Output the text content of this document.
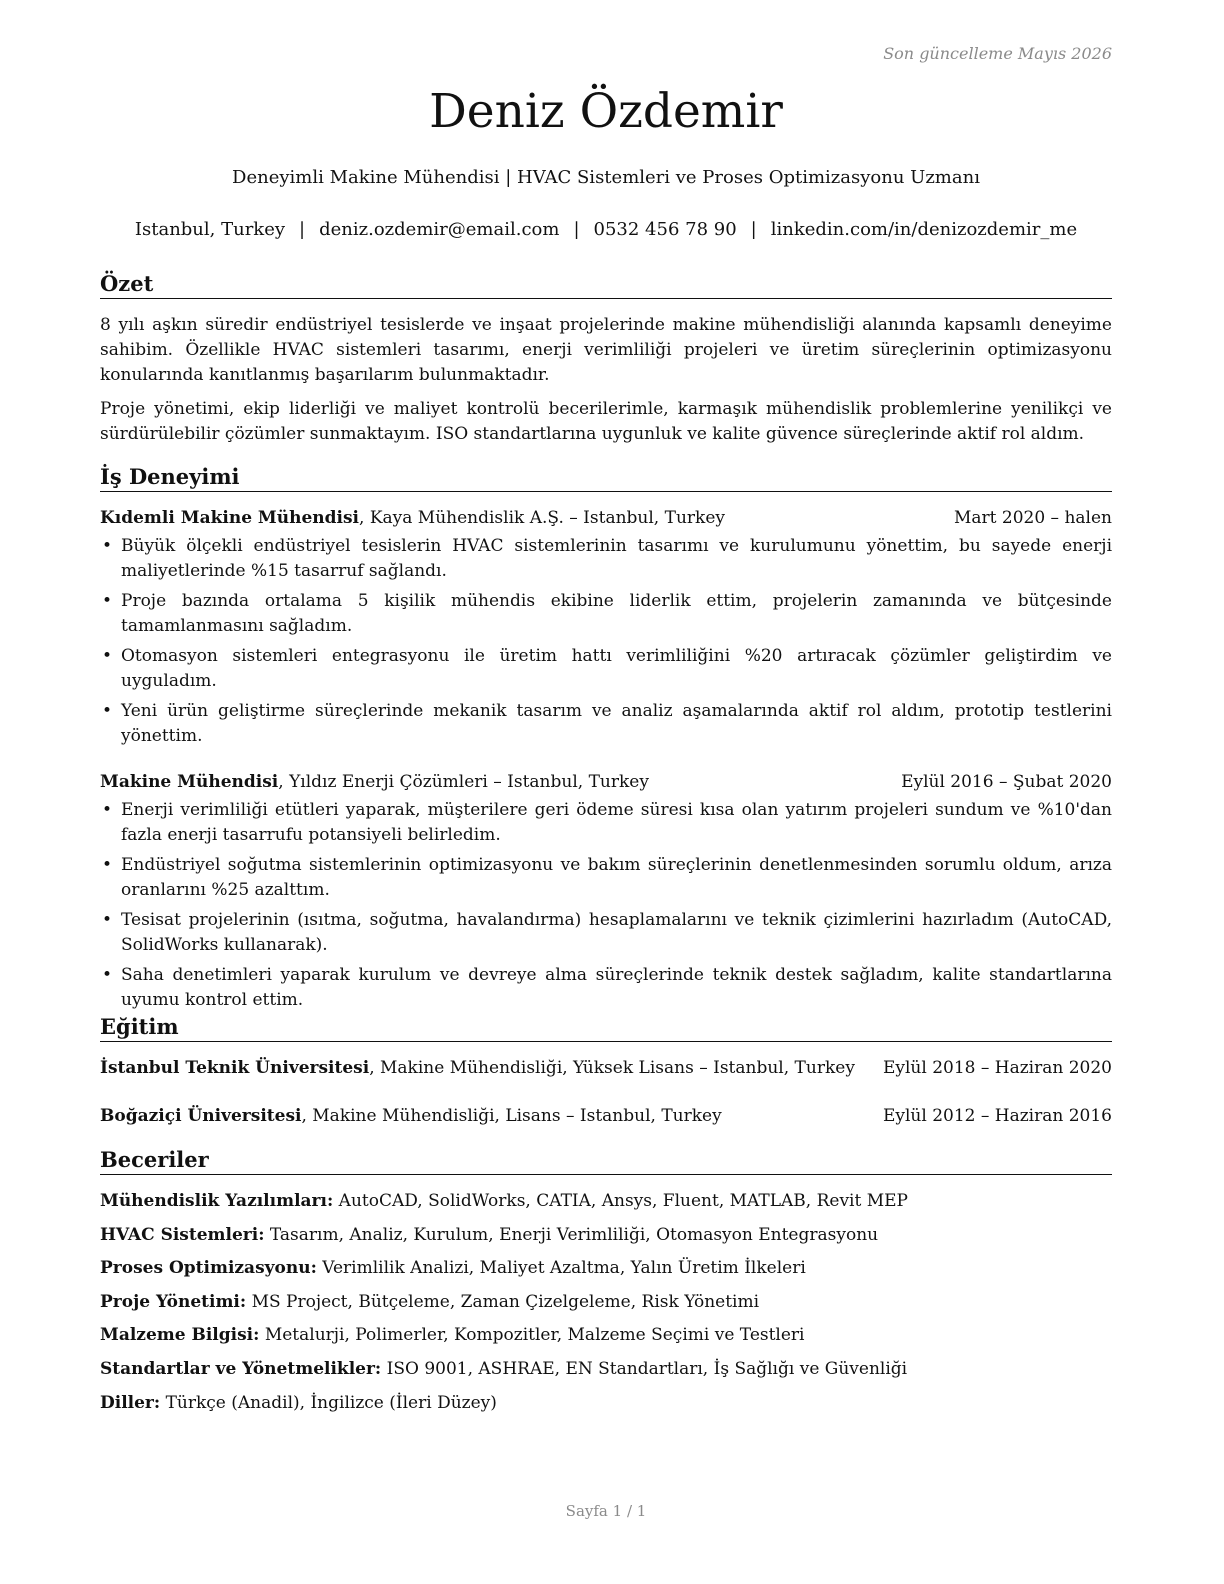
Son güncelleme Mayıs 2026
Deniz Özdemir
Deneyimli Makine Mühendisi | HVAC Sistemleri ve Proses Optimizasyonu Uzmanı
Istanbul, Turkey | deniz.ozdemir@email.com | 0532 456 78 90 | linkedin.com/in/denizozdemir_me
Özet

8 yılı aşkın süredir endüstriyel tesislerde ve inşaat projelerinde makine mühendisliği alanında kapsamlı deneyime sahibim. Özellikle HVAC sistemleri tasarımı, enerji verimliliği projeleri ve üretim süreçlerinin optimizasyonu konularında kanıtlanmış başarılarım bulunmaktadır.

Proje yönetimi, ekip liderliği ve maliyet kontrolü becerilerimle, karmaşık mühendislik problemlerine yenilikçi ve sürdürülebilir çözümler sunmaktayım. ISO standartlarına uygunluk ve kalite güvence süreçlerinde aktif rol aldım.

İş Deneyimi
Kıdemli Makine Mühendisi, Kaya Mühendislik A.Ş. – Istanbul, Turkey	Mart 2020 – halen
• Büyük ölçekli endüstriyel tesislerin HVAC sistemlerinin tasarımı ve kurulumunu yönettim, bu sayede enerji maliyetlerinde %15 tasarruf sağlandı.
• Proje bazında ortalama 5 kişilik mühendis ekibine liderlik ettim, projelerin zamanında ve bütçesinde tamamlanmasını sağladım.
• Otomasyon sistemleri entegrasyonu ile üretim hattı verimliliğini %20 artıracak çözümler geliştirdim ve uyguladım.
• Yeni ürün geliştirme süreçlerinde mekanik tasarım ve analiz aşamalarında aktif rol aldım, prototip testlerini yönettim.
Makine Mühendisi, Yıldız Enerji Çözümleri – Istanbul, Turkey	Eylül 2016 – Şubat 2020
• Enerji verimliliği etütleri yaparak, müşterilere geri ödeme süresi kısa olan yatırım projeleri sundum ve %10'dan fazla enerji tasarrufu potansiyeli belirledim.
• Endüstriyel soğutma sistemlerinin optimizasyonu ve bakım süreçlerinin denetlenmesinden sorumlu oldum, arıza oranlarını %25 azalttım.
• Tesisat projelerinin (ısıtma, soğutma, havalandırma) hesaplamalarını ve teknik çizimlerini hazırladım (AutoCAD, SolidWorks kullanarak).
• Saha denetimleri yaparak kurulum ve devreye alma süreçlerinde teknik destek sağladım, kalite standartlarına uyumu kontrol ettim.
Eğitim
İstanbul Teknik Üniversitesi, Makine Mühendisliği, Yüksek Lisans – Istanbul, Turkey Eylül 2018 – Haziran 2020
Boğaziçi Üniversitesi, Makine Mühendisliği, Lisans – Istanbul, Turkey	Eylül 2012 – Haziran 2016
Beceriler
Mühendislik Yazılımları: AutoCAD, SolidWorks, CATIA, Ansys, Fluent, MATLAB, Revit MEP
HVAC Sistemleri: Tasarım, Analiz, Kurulum, Enerji Verimliliği, Otomasyon Entegrasyonu
Proses Optimizasyonu: Verimlilik Analizi, Maliyet Azaltma, Yalın Üretim İlkeleri
Proje Yönetimi: MS Project, Bütçeleme, Zaman Çizelgeleme, Risk Yönetimi
Malzeme Bilgisi: Metalurji, Polimerler, Kompozitler, Malzeme Seçimi ve Testleri
Standartlar ve Yönetmelikler: ISO 9001, ASHRAE, EN Standartları, İş Sağlığı ve Güvenliği
Diller: Türkçe (Anadil), İngilizce (İleri Düzey)

Sayfa 1 / 1
